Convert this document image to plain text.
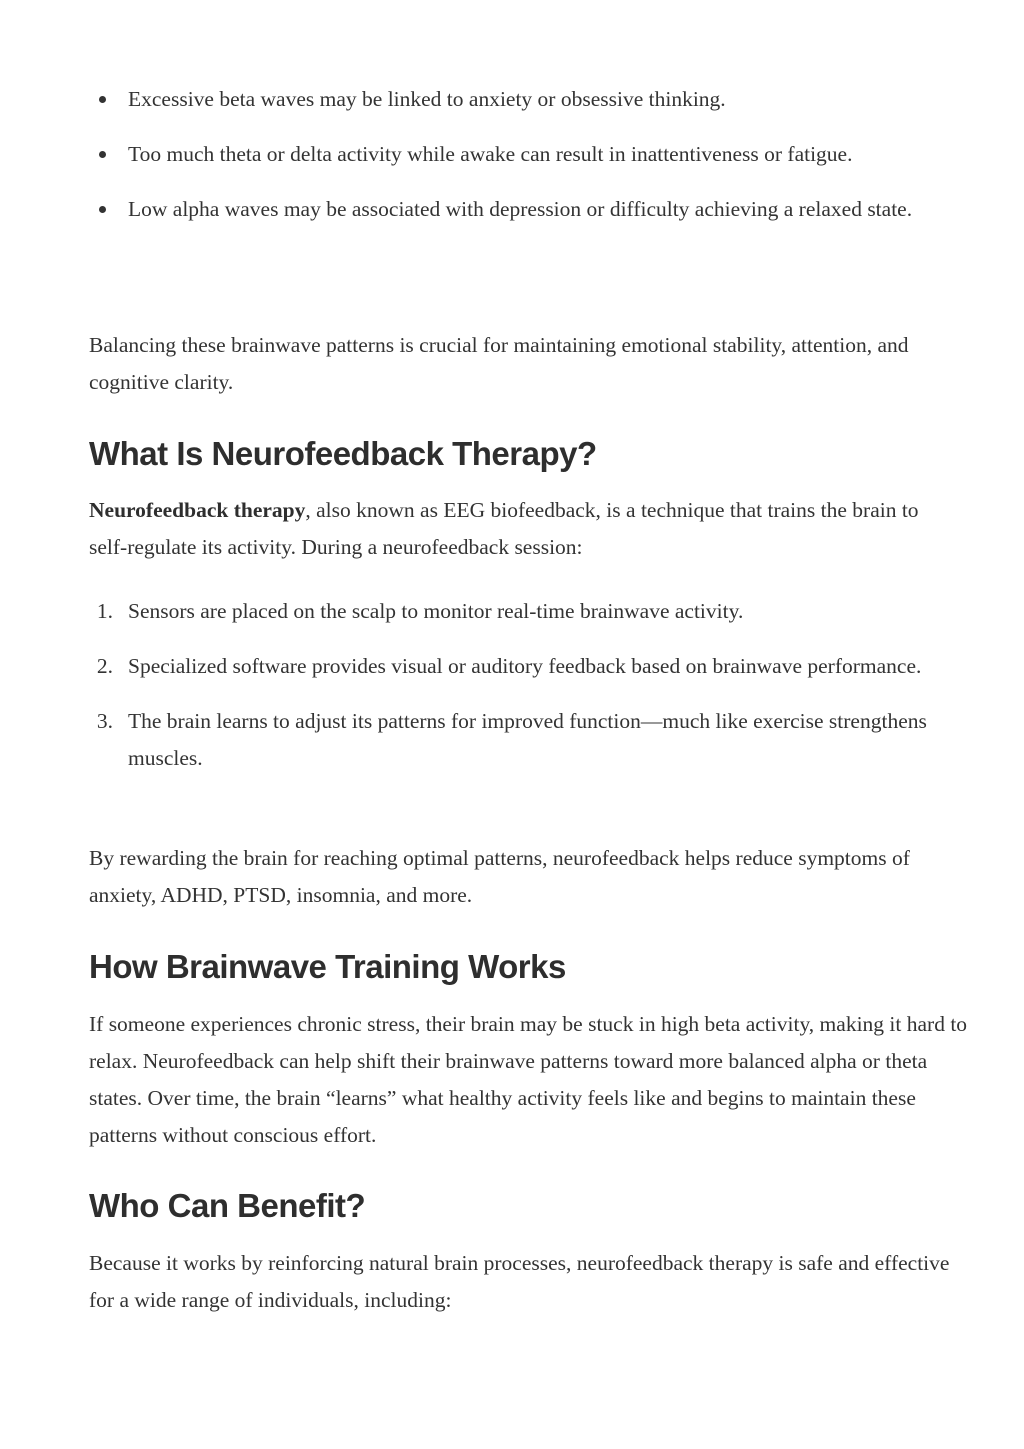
Excessive beta waves may be linked to anxiety or obsessive thinking.
Too much theta or delta activity while awake can result in inattentiveness or fatigue.
Low alpha waves may be associated with depression or difficulty achieving a relaxed state.

Balancing these brainwave patterns is crucial for maintaining emotional stability, attention, and cognitive clarity.

What Is Neurofeedback Therapy?

Neurofeedback therapy, also known as EEG biofeedback, is a technique that trains the brain to self-regulate its activity. During a neurofeedback session:

1. Sensors are placed on the scalp to monitor real-time brainwave activity.
2. Specialized software provides visual or auditory feedback based on brainwave performance.
3. The brain learns to adjust its patterns for improved function—much like exercise strengthens muscles.

By rewarding the brain for reaching optimal patterns, neurofeedback helps reduce symptoms of anxiety, ADHD, PTSD, insomnia, and more.

How Brainwave Training Works

If someone experiences chronic stress, their brain may be stuck in high beta activity, making it hard to relax. Neurofeedback can help shift their brainwave patterns toward more balanced alpha or theta states. Over time, the brain “learns” what healthy activity feels like and begins to maintain these patterns without conscious effort.

Who Can Benefit?

Because it works by reinforcing natural brain processes, neurofeedback therapy is safe and effective for a wide range of individuals, including:
